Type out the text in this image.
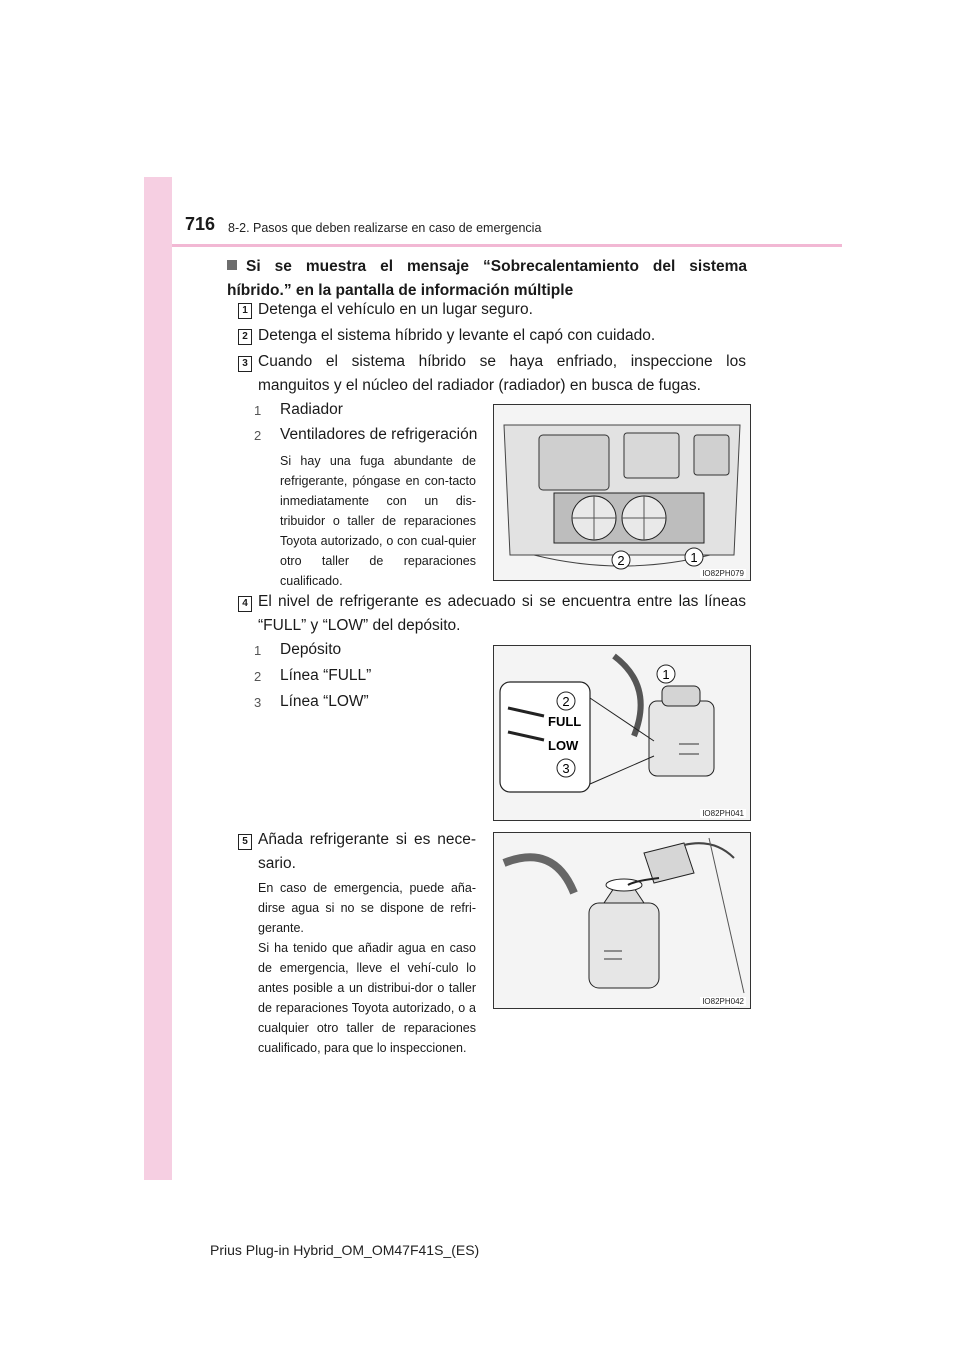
716 8-2. Pasos que deben realizarse en caso de emergencia
Si se muestra el mensaje “Sobrecalentamiento del sistema híbrido.” en la pantalla de información múltiple
1 Detenga el vehículo en un lugar seguro.
2 Detenga el sistema híbrido y levante el capó con cuidado.
3 Cuando el sistema híbrido se haya enfriado, inspeccione los manguitos y el núcleo del radiador (radiador) en busca de fugas.
1 Radiador
2 Ventiladores de refrigeración
Si hay una fuga abundante de refrigerante, póngase en con-tacto inmediatamente con un dis-tribuidor o taller de reparaciones Toyota autorizado, o con cual-quier otro taller de reparaciones cualificado.
2	1
IO82PH079
4 El nivel de refrigerante es adecuado si se encuentra entre las líneas “FULL” y “LOW” del depósito.
1 Depósito
2 Línea “FULL”
3 Línea “LOW”
FULL
LOW
2
3
1
IO82PH041
5 Añada refrigerante si es nece-sario.
En caso de emergencia, puede aña-dirse agua si no se dispone de refri-gerante.
Si ha tenido que añadir agua en caso de emergencia, lleve el vehí-culo lo antes posible a un distribui-dor o taller de reparaciones Toyota autorizado, o a cualquier otro taller de reparaciones cualificado, para que lo inspeccionen.
IO82PH042
Prius Plug-in Hybrid_OM_OM47F41S_(ES)
